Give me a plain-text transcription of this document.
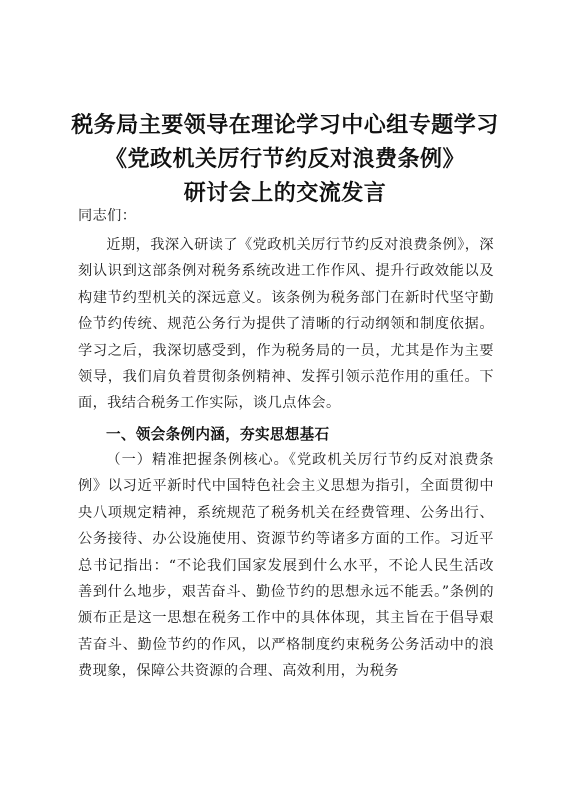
税务局主要领导在理论学习中心组专题学习
《党政机关厉行节约反对浪费条例》
研讨会上的交流发言
同志们：
近期，我深入研读了《党政机关厉行节约反对浪费条例》，深刻认识到这部条例对税务系统改进工作作风、提升行政效能以及构建节约型机关的深远意义。该条例为税务部门在新时代坚守勤俭节约传统、规范公务行为提供了清晰的行动纲领和制度依据。学习之后，我深切感受到，作为税务局的一员，尤其是作为主要领导，我们肩负着贯彻条例精神、发挥引领示范作用的重任。下面，我结合税务工作实际，谈几点体会。
一、领会条例内涵，夯实思想基石
（一）精准把握条例核心。《党政机关厉行节约反对浪费条例》以习近平新时代中国特色社会主义思想为指引，全面贯彻中央八项规定精神，系统规范了税务机关在经费管理、公务出行、公务接待、办公设施使用、资源节约等诸多方面的工作。习近平总书记指出：“不论我们国家发展到什么水平，不论人民生活改善到什么地步，艰苦奋斗、勤俭节约的思想永远不能丢。”条例的颁布正是这一思想在税务工作中的具体体现，其主旨在于倡导艰苦奋斗、勤俭节约的作风，以严格制度约束税务公务活动中的浪费现象，保障公共资源的合理、高效利用，为税务
